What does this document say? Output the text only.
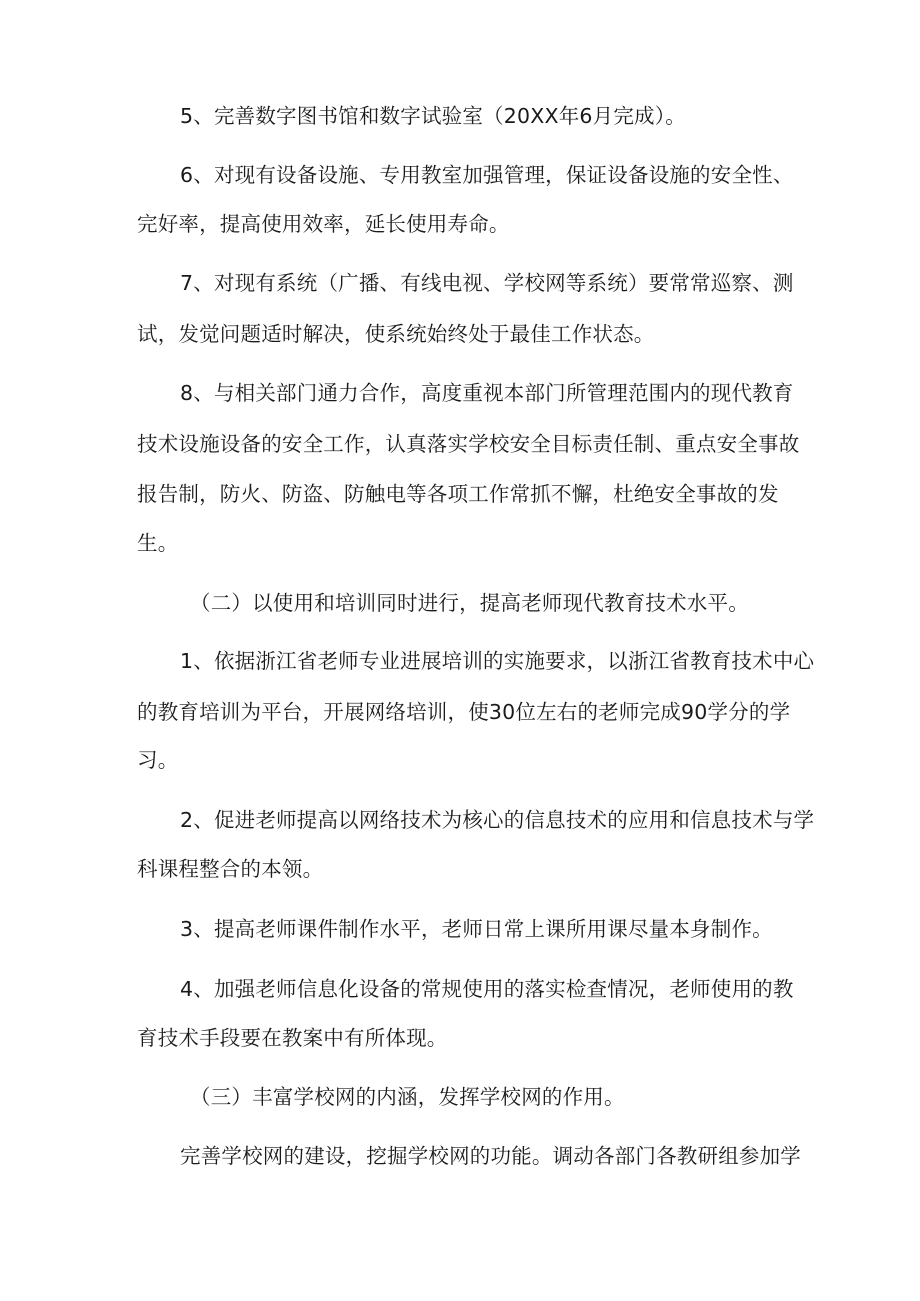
5、完善数字图书馆和数字试验室（20XX年6月完成）。
6、对现有设备设施、专用教室加强管理，保证设备设施的安全性、
完好率，提高使用效率，延长使用寿命。
7、对现有系统（广播、有线电视、学校网等系统）要常常巡察、测
试，发觉问题适时解决，使系统始终处于最佳工作状态。
8、与相关部门通力合作，高度重视本部门所管理范围内的现代教育
技术设施设备的安全工作，认真落实学校安全目标责任制、重点安全事故
报告制，防火、防盗、防触电等各项工作常抓不懈，杜绝安全事故的发
生。
（二）以使用和培训同时进行，提高老师现代教育技术水平。
1、依据浙江省老师专业进展培训的实施要求，以浙江省教育技术中心
的教育培训为平台，开展网络培训，使30位左右的老师完成90学分的学
习。
2、促进老师提高以网络技术为核心的信息技术的应用和信息技术与学
科课程整合的本领。
3、提高老师课件制作水平，老师日常上课所用课尽量本身制作。
4、加强老师信息化设备的常规使用的落实检查情况，老师使用的教
育技术手段要在教案中有所体现。
（三）丰富学校网的内涵，发挥学校网的作用。
完善学校网的建设，挖掘学校网的功能。调动各部门各教研组参加学
